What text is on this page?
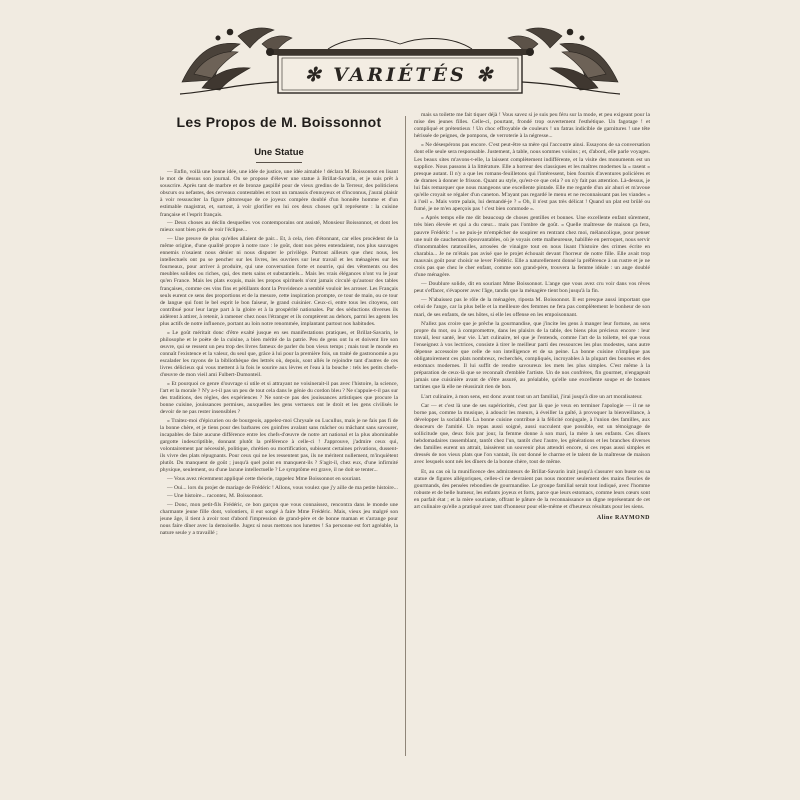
✻ VARIÉTÉS ✻
Les Propos de M. Boissonnot
Une Statue
— Enfin, voilà une bonne idée, une idée de justice, une idée aimable ! déclara M. Boissonnot en lisant le mot de dessus son journal. On se propose d'élever une statue à Brillat-Savarin, et je suis prêt à souscrire. Après tant de marbre et de bronze gaspillé pour de vieux gredins de la Terreur, des politiciens obscurs ou nefastes, des cerveaux contestables et tout un ramassis d'ennuyeux et d'inconnus, j'aurai plaisir à voir ressusciter la figure pittoresque de ce joyeux compère doublé d'un honnête homme et d'un estimable magistrat, et, surtout, à voir glorifier en lui ces deux choses qu'il représente : la cuisine française et l'esprit français.
— Deux choses au déclin desquelles vos contemporains ont assisté, Monsieur Boissonnot, et dont les mieux sont bien près de voir l'éclipse...
— Une preuve de plus qu'elles allaient de pair... Et, à cela, rien d'étonnant, car elles procèdent de la même origine, d'une qualité propre à notre race : le goût, dont nos pères entendaient, nos plus sauvages ennemis n'osaient nous dénier ni nous disputer le privilège. Partout ailleurs que chez nous, les intellectuels ont pu se pencher sur les livres, les ouvriers sur leur travail et les ménagères sur les fourneaux, pour arriver à produire, qui une conversation forte et nourrie, qui des vêtements ou des meubles solides ou riches, qui, des mets sains et substantiels... Mais les vrais élégances n'ont vu le jour qu'en France. Mais les plats exquis, mais les propos spirituels n'ont jamais circulé qu'autour des tables françaises, comme ces vins fins et pétillants dont la Providence a semblé vouloir les arroser. Les Français seuls eurent ce sens des proportions et de la mesure, cette inspiration prompte, ce tour de main, ou ce tour de langue qui font le bel esprit le bon faiseur, le grand cuisinier. Ceux-ci, entre tous les citoyens, ont contribué pour leur large part à la gloire et à la prospérité nationales. Par des séductions diverses ils aidèrent à attirer, à retenir, à ramener chez nous l'étranger et ils comptèrent au dehors, parmi les agents les plus actifs de notre influence, portant au loin notre renommée, implantant partout nos habitudes.
« Le goût méritait donc d'être exalté jusque en ses manifestations pratiques, et Brillat-Savarin, le philosophe et le poète de la cuisine, a bien mérité de la patrie. Peu de gens ont lu et doivent lire son œuvre, qui se ressent un peu trop des livres fameux de parler du bon vieux temps ; mais tout le monde en connaît l'existence et la valeur, du seul que, grâce à lui pour la première fois, un traité de gastronomie a pu escalader les rayons de la bibliothèque des lettrés où, depuis, sont allés le rejoindre tant d'autres de ces livres délicieux qui vous mettent à la fois le sourire aux lèvres et l'eau à la bouche : tels les petits chefs-d'œuvre de mon vieil ami Fulbert-Dumonteil.
« Et pourquoi ce genre d'ouvrage si utile et si attrayant ne voisinerait-il pas avec l'histoire, la science, l'art et la morale ? N'y a-t-il pas un peu de tout cela dans le génie du cordon bleu ? Ne s'appuie-t-il pas sur des traditions, des règles, des expériences ? Ne sont-ce pas des jouissances artistiques que procure la bonne cuisine, jouissances permises, auxquelles les gens vertueux ont le droit et les gens civilisés le devoir de ne pas rester insensibles ?
« Traitez-moi d'épicurien ou de bourgeois, appelez-moi Chrysale ou Lucullus, mais je ne fais pas fi de la bonne chère, et je tiens pour des barbares ces goinfres avalant sans mâcher ou mâchant sans savourer, incapables de faire aucune différence entre les chefs-d'œuvre de notre art national et la plus abominable gargotte indescriptible, donnant plutôt la préférence à celle-ci ! J'approuve, j'admire ceux qui, volontairement par nécessité, politique, chrétien ou mortification, subissent certaines privations, dussent-ils vivre des plats répugnants. Pour ceux qui ne les ressentent pas, ils ne méritent nullement, m'inquiètent plutôt. Du manquent de goût ; jusqu'à quel point en manquent-ils ? S'agit-il, chez eux, d'une infirmité physique, seulement, ou d'une lacune intellectuelle ? Le symptôme est grave, il ne doit se tenter...
— Vous avez récemment appliqué cette théorie, rappelez Mme Boissonnot en souriant.
— Oui... lors du projet de mariage de Frédéric ! Allons, vous voulez que j'y aille de ma petite histoire...
— Une histoire... racontez, M. Boissonnot.
— Donc, mon petit-fils Frédéric, ce bon garçon que vous connaissez, rencontra dans le monde une charmante jeune fille dont, volontiers, il eut songé à faire Mme Frédéric. Mais, vieux jeu malgré son jeune âge, il tient à avoir tout d'abord l'impression de grand-père et de bonne maman et s'arrange pour nous faire dîner avec la demoiselle. Jugez si nous mettons nos lunettes ! Sa personne est fort agréable, la nature seule y a travaillé ;
mais sa toilette me fait tiquer déjà ! Vous savez si je suis peu féru sur la mode, et peu exigeant pour la mise des jeunes filles. Celle-ci, pourtant, frondé trop ouvertement l'esthétique. Un fagotage ! et compliqué et prétentieux ! Un choc effroyable de couleurs ! un fatras indicible de garnitures ! une tête hérissée de peignes, de pompons, de verroterie à la négresse...
« Ne désespérons pas encore. C'est peut-être sa mère qui l'accoutre ainsi. Essayons de sa conversation dont elle seule sera responsable. Justement, à table, nous sommes voisins ; et, d'abord, elle parle voyages. Les beaux sites m'avons-t-elle, la laissent complètement indifférente, et la visite des monuments est un supplice. Nous passons à la littérature. Elle a horreur des classiques et les maîtres modernes la « rasent » presque autant. Il n'y a que les romans-feuilletons qui l'intéressent, bien fournis d'aventures policières et de drames à donner le frisson. Quant au style, qu'est-ce que cela ? on n'y fait pas attention. Là-dessus, je lui fais remarquer que nous mangeons une excellente pintade. Elle me regarde d'un air ahuri et m'avoue qu'elle croyait se régaler d'un caneton. M'ayant pas regardé le menu et ne reconnaissant pas les viandes « à l'œil ». Mais votre palais, lui demandé-je ? « Oh, il n'est pas très délicat ! Quand un plat est brûlé ou fumé, je ne m'en aperçois pas ! c'est bien commode ».
« Après temps elle me dit beaucoup de choses gentilles et bonnes. Une excellente enfant sûrement, très bien élevée et qui a du cœur... mais pas l'ombre de goût. « Quelle maîtresse de maison ça fera, pauvre Frédéric ! » ne puis-je m'empêcher de soupirer en rentrant chez moi, mélancolique, pour penser une nuit de cauchemars épouvantables, où je voyais cette malheureuse, habillée en perroquet, nous servir d'innommables ratatouilles, arrosées de vinaigre tout en nous lisant l'histoire des crimes écrite en charabia... Je ne m'étais pas avisé que le projet échouait devant l'horreur de notre fille. Elle avait trop mauvais goût pour choisir se lever Frédéric. Elle a naturellement donné la préférence à un rustre et je ne crois pas que chez le cher enfant, comme son grand-père, trouvera la femme idéale : un ange doublé d'une ménagère.
— Doublure solide, dit en souriant Mme Boissonnot. L'ange que vous avez cru voir dans vos rêves peut s'effacer, s'évaporer avec l'âge, tandis que la ménagère tient bon jusqu'à la fin.
— N'abaissez pas le rôle de la ménagère, riposta M. Boissonnot. Il est presque aussi important que celui de l'ange, car la plus belle et la meilleure des femmes ne fera pas complètement le bonheur de son mari, de ses enfants, de ses hôtes, si elle les offense en les empoisonnant.
N'allez pas croire que je prêche la gourmandise, que j'incite les gens à manger leur fortune, au sens propre du mot, ou à compromettre, dans les plaisirs de la table, des biens plus précieux encore : leur travail, leur santé, leur vie. L'art culinaire, tel que je l'entends, comme l'art de la toilette, tel que vous l'enseignez à vos lectrices, consiste à tirer le meilleur parti des ressources les plus modestes, sans autre dépense accessoire que celle de son intelligence et de sa peine. La bonne cuisine n'implique pas obligatoirement ces plats nombreux, recherchés, compliqués, incroyables à la plupart des bourses et des estomacs modernes. Il lui suffit de rendre savoureux les mets les plus simples. C'est même à la préparation de ceux-là que se reconnaît d'emblée l'artiste. Un de nos confrères, fin gourmet, n'engageait jamais une cuisinière avant de s'être assuré, au préalable, qu'elle une excellente soupe et de bonnes tartines que là elle ne réussirait rien de bon.
L'art culinaire, à mon sens, est donc avant tout un art familial, j'irai jusqu'à dire un art moralisateur.
Car — et c'est là une de ses supériorités, c'est par là que je veux en terminer l'apologie — il ne se borne pas, comme la musique, à adoucir les mœurs, à éveiller la gaîté, à provoquer la bienveillance, à développer la sociabilité. La bonne cuisine contribue à la félicité conjugale, à l'union des familles, aux douceurs de l'amitié. Un repas aussi soigné, aussi succulent que possible, est un témoignage de sollicitude que, deux fois par jour, la femme donne à son mari, la mère à ses enfants. Ces dîners hebdomadaires rassemblant, tantôt chez l'un, tantôt chez l'autre, les générations et les branches diverses des familles eurent un attrait, laissèrent un souvenir plus attendri encore, si ces repas aussi simples et dressés de nos vieux plats que l'on vantait, ils ont donné le charme et le talent de la maîtresse de maison avec lesquels sont nés les dîners de la bonne chère, tout de même.
Et, au cas où la munificence des admirateurs de Brillat-Savarin irait jusqu'à s'assurer son buste ou sa statue de figures allégoriques, celles-ci ne devraient pas nous montrer seulement des mains fleuries de gourmands, des pensées rebondies de gourmandise. Le groupe familial serait tout indiqué, avec l'homme robuste et de belle humeur, les enfants joyeux et forts, parce que leurs estomacs, comme leurs cœurs sont en parfait état ; et la mère souriante, offrant le pâture de la reconnaissance un digne représentant de cet art culinaire qu'elle a pratiqué avec tant d'honneur pour elle-même et d'heureux résultats pour les siens.
Aline RAYMOND
